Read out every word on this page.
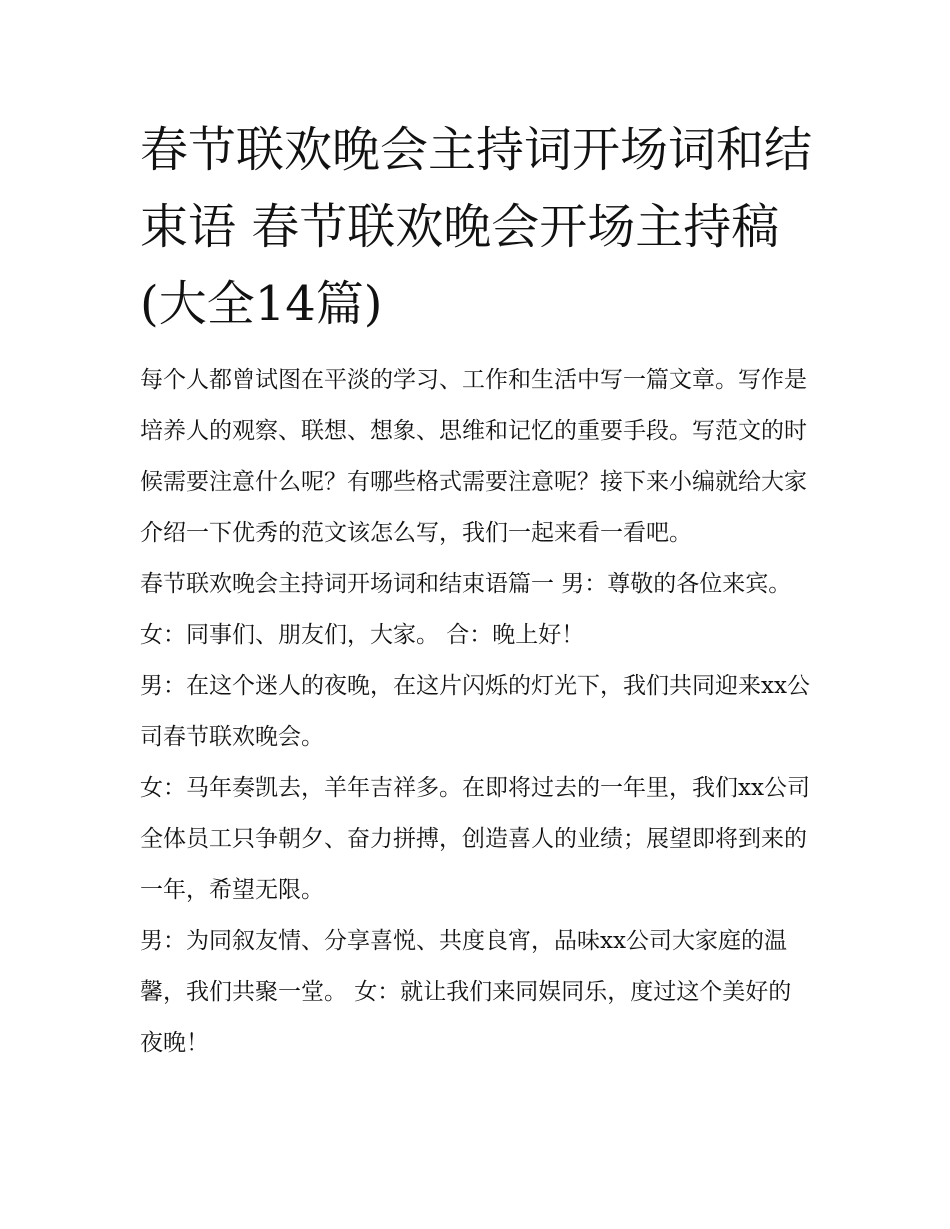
春节联欢晚会主持词开场词和结束语 春节联欢晚会开场主持稿(大全14篇)

每个人都曾试图在平淡的学习、工作和生活中写一篇文章。写作是培养人的观察、联想、想象、思维和记忆的重要手段。写范文的时候需要注意什么呢？有哪些格式需要注意呢？接下来小编就给大家介绍一下优秀的范文该怎么写，我们一起来看一看吧。

春节联欢晚会主持词开场词和结束语篇一 男：尊敬的各位来宾。 女：同事们、朋友们，大家。 合：晚上好！

男：在这个迷人的夜晚，在这片闪烁的灯光下，我们共同迎来xx公司春节联欢晚会。

女：马年奏凯去，羊年吉祥多。在即将过去的一年里，我们xx公司全体员工只争朝夕、奋力拼搏，创造喜人的业绩；展望即将到来的一年，希望无限。

男：为同叙友情、分享喜悦、共度良宵，品味xx公司大家庭的温馨，我们共聚一堂。 女：就让我们来同娱同乐，度过这个美好的夜晚！
